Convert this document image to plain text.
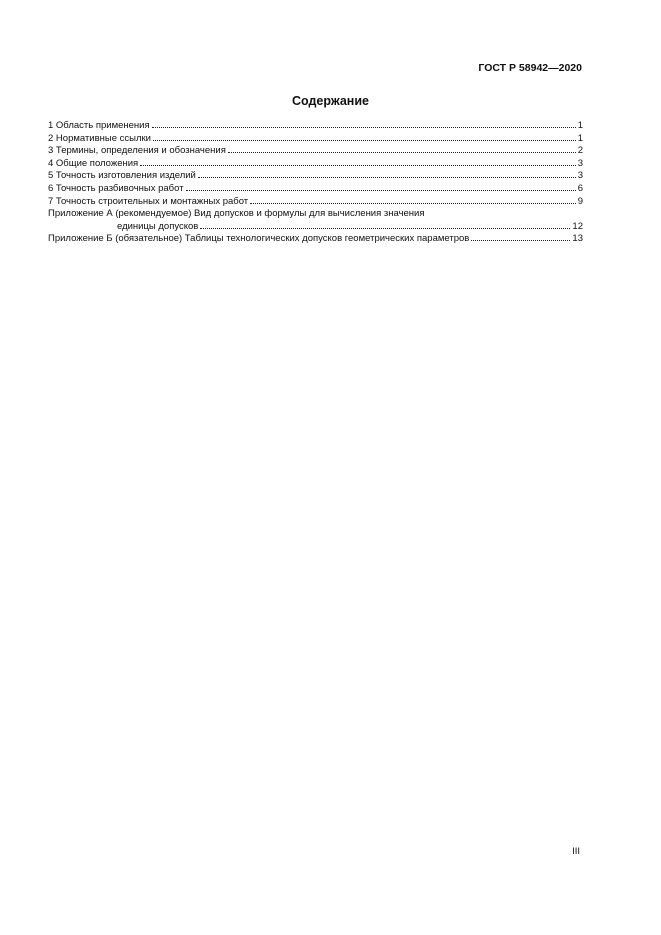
ГОСТ Р 58942—2020
Содержание
1 Область применения	1
2 Нормативные ссылки	1
3 Термины, определения и обозначения	2
4 Общие положения	3
5 Точность изготовления изделий	3
6 Точность разбивочных работ	6
7 Точность строительных и монтажных работ	9
Приложение А (рекомендуемое) Вид допусков и формулы для вычисления значения
единицы допусков	12
Приложение Б (обязательное) Таблицы технологических допусков геометрических параметров	13
III
